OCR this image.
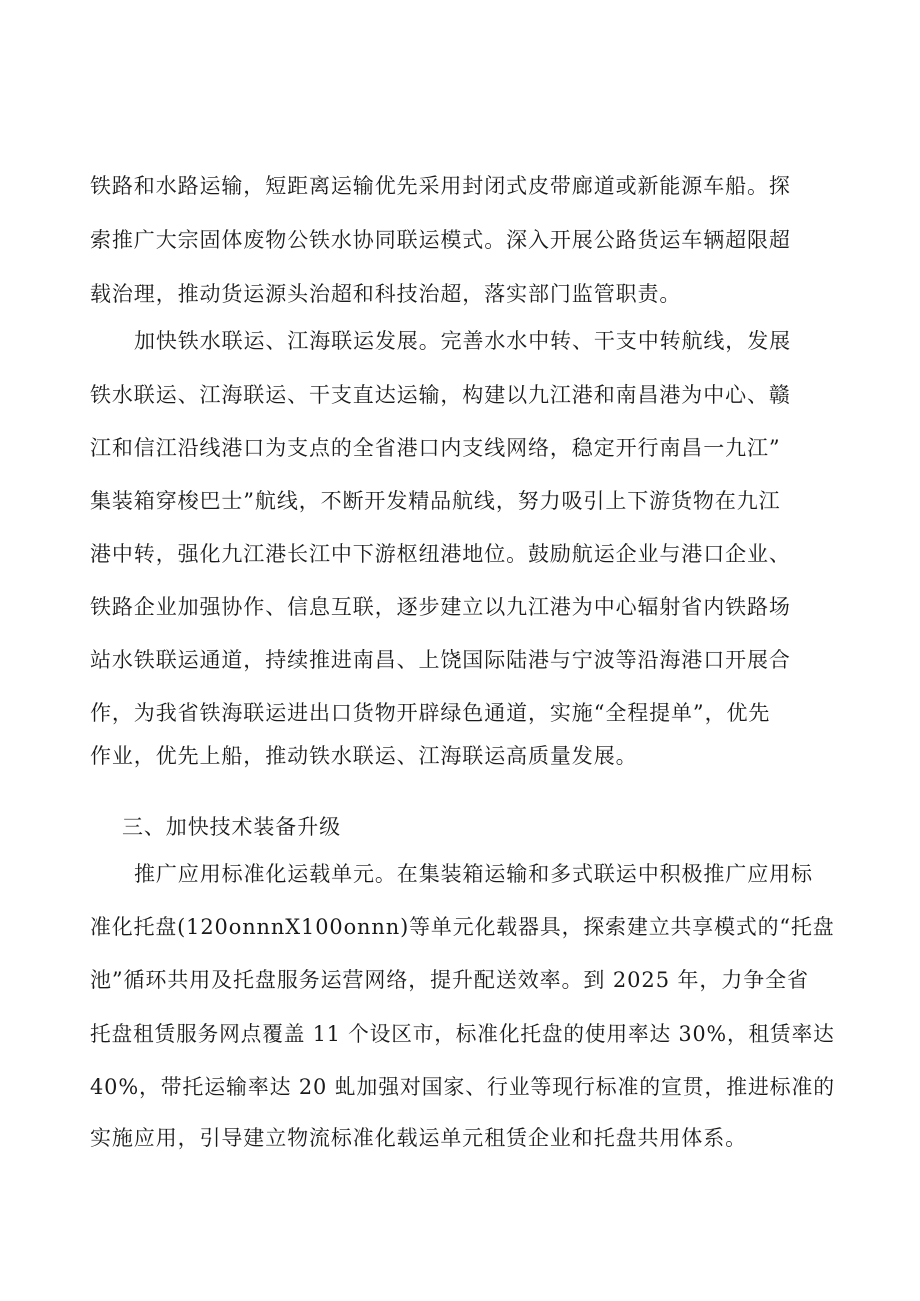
铁路和水路运输，短距离运输优先采用封闭式皮带廊道或新能源车船。探
索推广大宗固体废物公铁水协同联运模式。深入开展公路货运车辆超限超
载治理，推动货运源头治超和科技治超，落实部门监管职责。
加快铁水联运、江海联运发展。完善水水中转、干支中转航线，发展
铁水联运、江海联运、干支直达运输，构建以九江港和南昌港为中心、赣
江和信江沿线港口为支点的全省港口内支线网络，稳定开行南昌一九江”
集装箱穿梭巴士”航线，不断开发精品航线，努力吸引上下游货物在九江
港中转，强化九江港长江中下游枢纽港地位。鼓励航运企业与港口企业、
铁路企业加强协作、信息互联，逐步建立以九江港为中心辐射省内铁路场
站水铁联运通道，持续推进南昌、上饶国际陆港与宁波等沿海港口开展合
作，为我省铁海联运进出口货物开辟绿色通道，实施“全程提单”，优先
作业，优先上船，推动铁水联运、江海联运高质量发展。
三、加快技术装备升级
推广应用标准化运载单元。在集装箱运输和多式联运中积极推广应用标
准化托盘(120onnnX100onnn)等单元化载器具，探索建立共享模式的“托盘
池”循环共用及托盘服务运营网络，提升配送效率。到 2025 年，力争全省
托盘租赁服务网点覆盖 11 个设区市，标准化托盘的使用率达 30%，租赁率达
40%，带托运输率达 20 虬加强对国家、行业等现行标准的宣贯，推进标准的
实施应用，引导建立物流标准化载运单元租赁企业和托盘共用体系。
